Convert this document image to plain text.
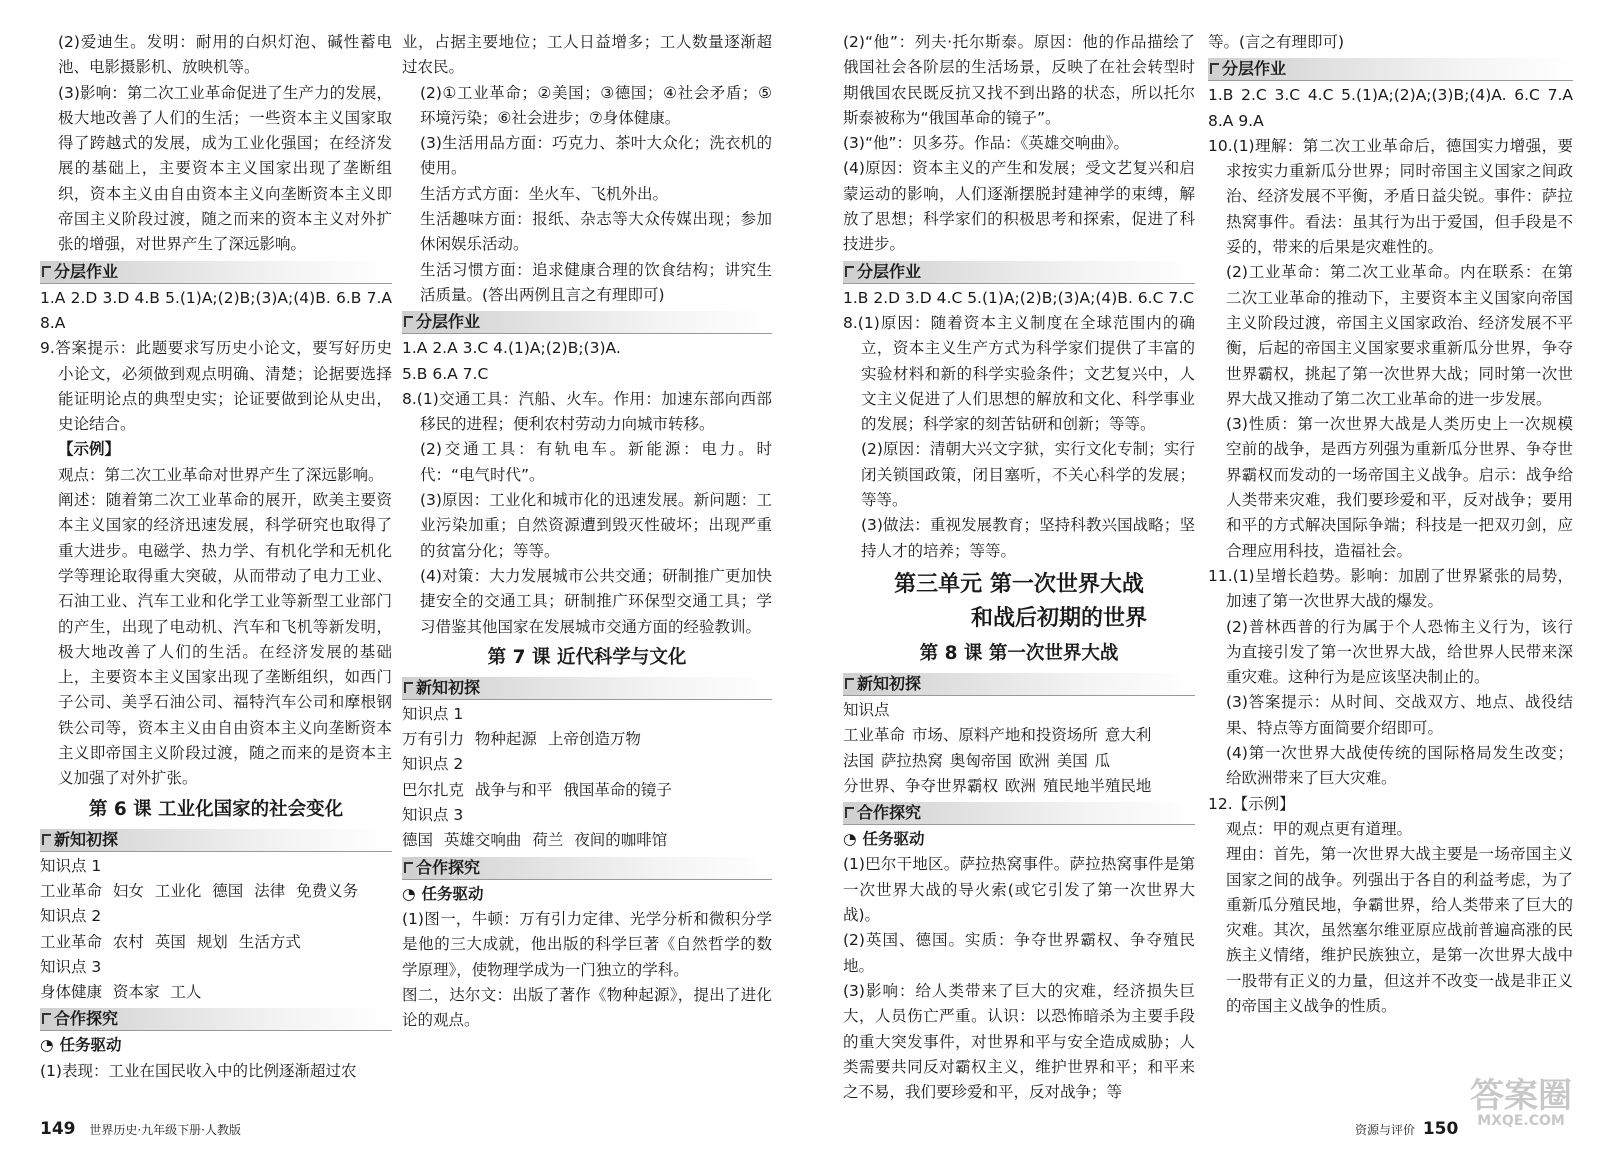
(2)爱迪生。发明：耐用的白炽灯泡、碱性蓄电池、电影摄影机、放映机等。

(3)影响：第二次工业革命促进了生产力的发展，极大地改善了人们的生活；一些资本主义国家取得了跨越式的发展，成为工业化强国；在经济发展的基础上，主要资本主义国家出现了垄断组织，资本主义由自由资本主义向垄断资本主义即帝国主义阶段过渡，随之而来的资本主义对外扩张的增强，对世界产生了深远影响。

分层作业

1.A 2.D 3.D 4.B 5.(1)A;(2)B;(3)A;(4)B. 6.B 7.A 8.A

9.答案提示：此题要求写历史小论文，要写好历史小论文，必须做到观点明确、清楚；论据要选择能证明论点的典型史实；论证要做到论从史出，史论结合。

【示例】

观点：第二次工业革命对世界产生了深远影响。

阐述：随着第二次工业革命的展开，欧美主要资本主义国家的经济迅速发展，科学研究也取得了重大进步。电磁学、热力学、有机化学和无机化学等理论取得重大突破，从而带动了电力工业、石油工业、汽车工业和化学工业等新型工业部门的产生，出现了电动机、汽车和飞机等新发明，极大地改善了人们的生活。在经济发展的基础上，主要资本主义国家出现了垄断组织，如西门子公司、美孚石油公司、福特汽车公司和摩根钢铁公司等，资本主义由自由资本主义向垄断资本主义即帝国主义阶段过渡，随之而来的是资本主义加强了对外扩张。

第 6 课 工业化国家的社会变化
新知初探

知识点 1

工业革命 妇女 工业化 德国 法律 免费义务

知识点 2

工业革命 农村 英国 规划 生活方式

知识点 3

身体健康 资本家 工人

合作探究

◔ 任务驱动

(1)表现：工业在国民收入中的比例逐渐超过农

业，占据主要地位；工人日益增多；工人数量逐渐超过农民。

(2)①工业革命；②美国；③德国；④社会矛盾；⑤环境污染；⑥社会进步；⑦身体健康。

(3)生活用品方面：巧克力、茶叶大众化；洗衣机的使用。

生活方式方面：坐火车、飞机外出。

生活趣味方面：报纸、杂志等大众传媒出现；参加休闲娱乐活动。

生活习惯方面：追求健康合理的饮食结构；讲究生活质量。(答出两例且言之有理即可)

分层作业

1.A 2.A 3.C 4.(1)A;(2)B;(3)A.

5.B 6.A 7.C

8.(1)交通工具：汽船、火车。作用：加速东部向西部移民的进程；便利农村劳动力向城市转移。

(2)交通工具：有轨电车。新能源：电力。时代：“电气时代”。

(3)原因：工业化和城市化的迅速发展。新问题：工业污染加重；自然资源遭到毁灭性破坏；出现严重的贫富分化；等等。

(4)对策：大力发展城市公共交通；研制推广更加快捷安全的交通工具；研制推广环保型交通工具；学习借鉴其他国家在发展城市交通方面的经验教训。

第 7 课 近代科学与文化
新知初探

知识点 1

万有引力 物种起源 上帝创造万物

知识点 2

巴尔扎克 战争与和平 俄国革命的镜子

知识点 3

德国 英雄交响曲 荷兰 夜间的咖啡馆

合作探究

◔ 任务驱动

(1)图一，牛顿：万有引力定律、光学分析和微积分学是他的三大成就，他出版的科学巨著《自然哲学的数学原理》，使物理学成为一门独立的学科。

图二，达尔文：出版了著作《物种起源》，提出了进化论的观点。

(2)“他”：列夫·托尔斯泰。原因：他的作品描绘了俄国社会各阶层的生活场景，反映了在社会转型时期俄国农民既反抗又找不到出路的状态，所以托尔斯泰被称为“俄国革命的镜子”。

(3)“他”：贝多芬。作品：《英雄交响曲》。

(4)原因：资本主义的产生和发展；受文艺复兴和启蒙运动的影响，人们逐渐摆脱封建神学的束缚，解放了思想；科学家们的积极思考和探索，促进了科技进步。

分层作业

1.B 2.D 3.D 4.C 5.(1)A;(2)B;(3)A;(4)B. 6.C 7.C

8.(1)原因：随着资本主义制度在全球范围内的确立，资本主义生产方式为科学家们提供了丰富的实验材料和新的科学实验条件；文艺复兴中，人文主义促进了人们思想的解放和文化、科学事业的发展；科学家的刻苦钻研和创新；等等。

(2)原因：清朝大兴文字狱，实行文化专制；实行闭关锁国政策，闭目塞听，不关心科学的发展；等等。

(3)做法：重视发展教育；坚持科教兴国战略；坚持人才的培养；等等。

第三单元 第一次世界大战
和战后初期的世界
第 8 课 第一次世界大战
新知初探

知识点

工业革命 市场、原料产地和投资场所 意大利

法国 萨拉热窝 奥匈帝国 欧洲 美国 瓜

分世界、争夺世界霸权 欧洲 殖民地半殖民地

合作探究

◔ 任务驱动

(1)巴尔干地区。萨拉热窝事件。萨拉热窝事件是第一次世界大战的导火索(或它引发了第一次世界大战)。

(2)英国、德国。实质：争夺世界霸权、争夺殖民地。

(3)影响：给人类带来了巨大的灾难，经济损失巨大，人员伤亡严重。认识：以恐怖暗杀为主要手段的重大突发事件，对世界和平与安全造成威胁；人类需要共同反对霸权主义，维护世界和平；和平来之不易，我们要珍爱和平，反对战争；等

等。(言之有理即可)

分层作业

1.B 2.C 3.C 4.C 5.(1)A;(2)A;(3)B;(4)A. 6.C 7.A 8.A 9.A

10.(1)理解：第二次工业革命后，德国实力增强，要求按实力重新瓜分世界；同时帝国主义国家之间政治、经济发展不平衡，矛盾日益尖锐。事件：萨拉热窝事件。看法：虽其行为出于爱国，但手段是不妥的，带来的后果是灾难性的。

(2)工业革命：第二次工业革命。内在联系：在第二次工业革命的推动下，主要资本主义国家向帝国主义阶段过渡，帝国主义国家政治、经济发展不平衡，后起的帝国主义国家要求重新瓜分世界，争夺世界霸权，挑起了第一次世界大战；同时第一次世界大战又推动了第二次工业革命的进一步发展。

(3)性质：第一次世界大战是人类历史上一次规模空前的战争，是西方列强为重新瓜分世界、争夺世界霸权而发动的一场帝国主义战争。启示：战争给人类带来灾难，我们要珍爱和平，反对战争；要用和平的方式解决国际争端；科技是一把双刃剑，应合理应用科技，造福社会。

11.(1)呈增长趋势。影响：加剧了世界紧张的局势，加速了第一次世界大战的爆发。

(2)普林西普的行为属于个人恐怖主义行为，该行为直接引发了第一次世界大战，给世界人民带来深重灾难。这种行为是应该坚决制止的。

(3)答案提示：从时间、交战双方、地点、战役结果、特点等方面简要介绍即可。

(4)第一次世界大战使传统的国际格局发生改变；给欧洲带来了巨大灾难。

12.【示例】

观点：甲的观点更有道理。

理由：首先，第一次世界大战主要是一场帝国主义国家之间的战争。列强出于各自的利益考虑，为了重新瓜分殖民地，争霸世界，给人类带来了巨大的灾难。其次，虽然塞尔维亚原应战前普遍高涨的民族主义情绪，维护民族独立，是第一次世界大战中一股带有正义的力量，但这并不改变一战是非正义的帝国主义战争的性质。

149 世界历史·九年级下册·人教版	资源与评价 150
答案圈
MXQE.COM
